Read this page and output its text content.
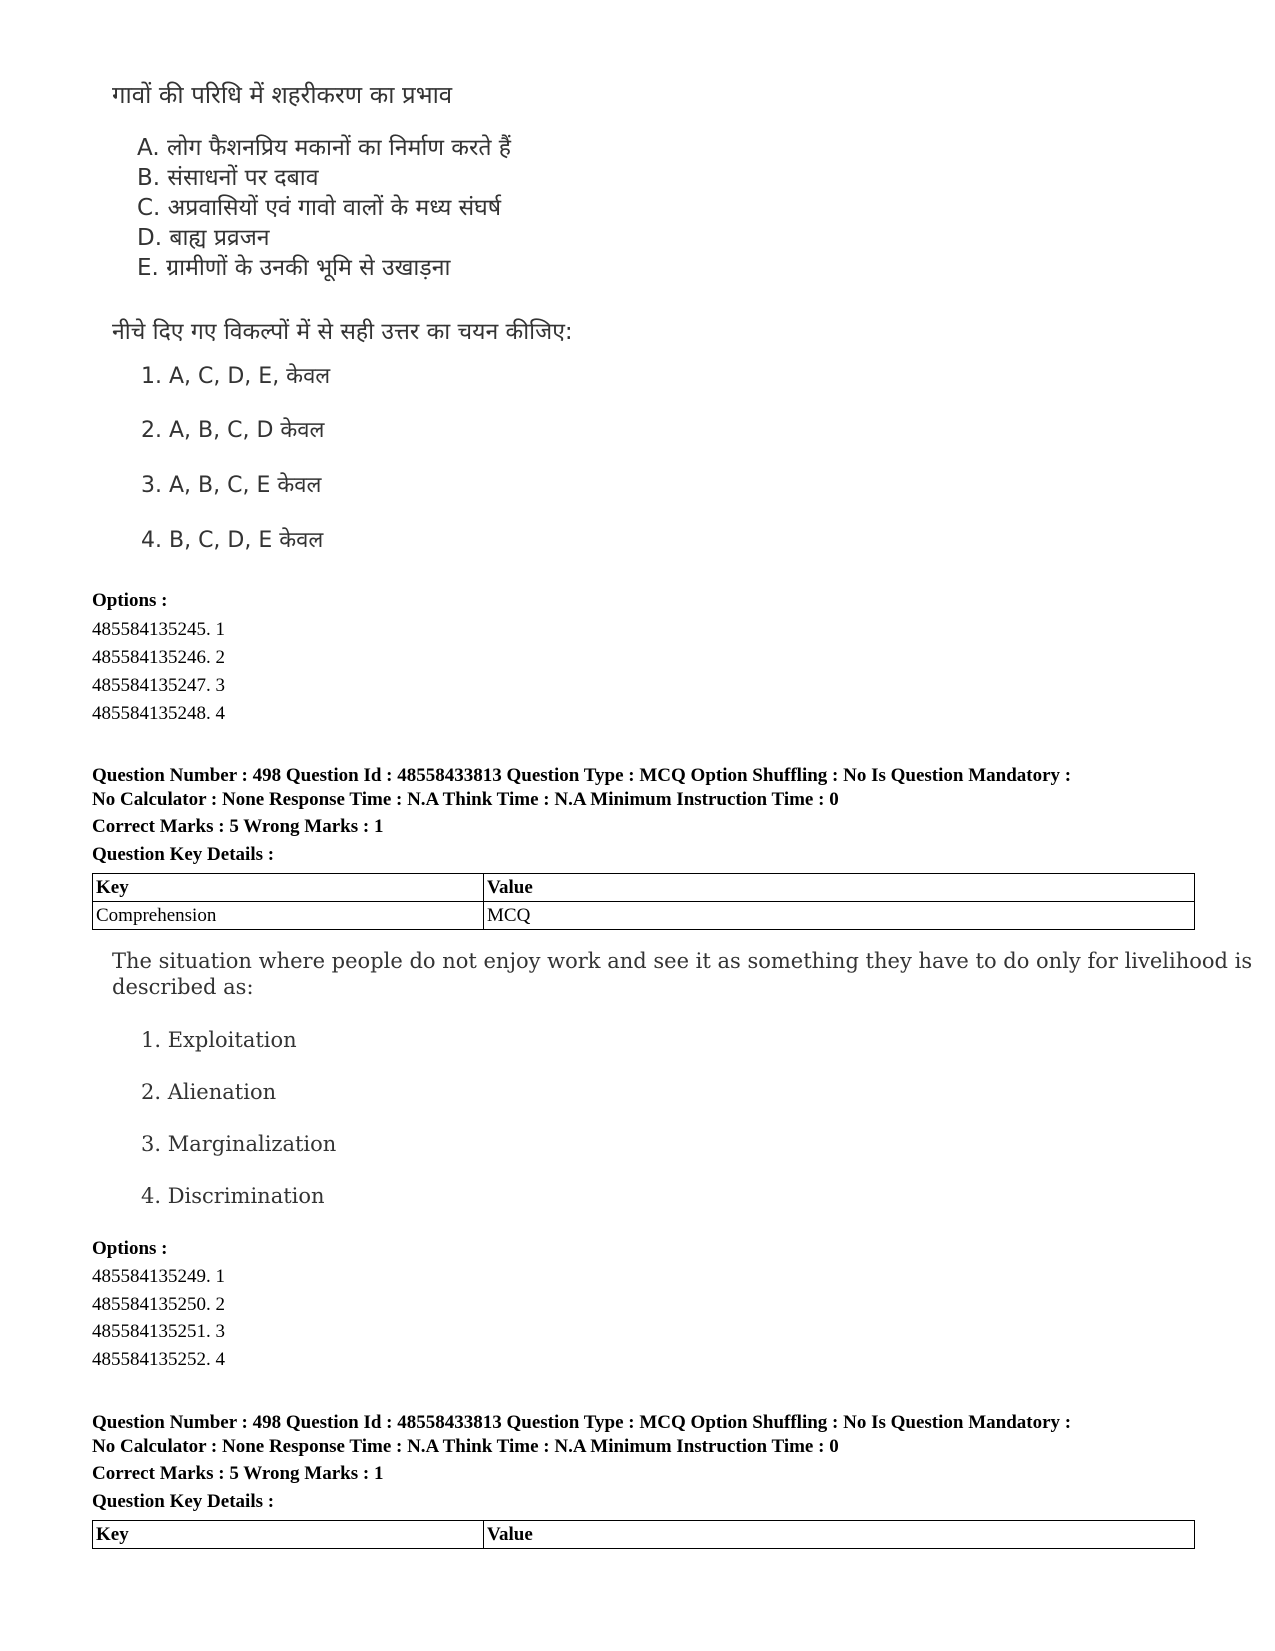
गावों की परिधि में शहरीकरण का प्रभाव
A. लोग फैशनप्रिय मकानों का निर्माण करते हैं
B. संसाधनों पर दबाव
C. अप्रवासियों एवं गावो वालों के मध्य संघर्ष
D. बाह्य प्रव्रजन
E. ग्रामीणों के उनकी भूमि से उखाड़ना
नीचे दिए गए विकल्पों में से सही उत्तर का चयन कीजिए:
1. A, C, D, E, केवल
2. A, B, C, D केवल
3. A, B, C, E केवल
4. B, C, D, E केवल
Options :
485584135245. 1
485584135246. 2
485584135247. 3
485584135248. 4
Question Number : 498 Question Id : 48558433813 Question Type : MCQ Option Shuffling : No Is Question Mandatory :
No Calculator : None Response Time : N.A Think Time : N.A Minimum Instruction Time : 0
Correct Marks : 5 Wrong Marks : 1
Question Key Details :
Key	Value
Comprehension	MCQ
The situation where people do not enjoy work and see it as something they have to do only for livelihood is
described as:
1. Exploitation
2. Alienation
3. Marginalization
4. Discrimination
Options :
485584135249. 1
485584135250. 2
485584135251. 3
485584135252. 4
Question Number : 498 Question Id : 48558433813 Question Type : MCQ Option Shuffling : No Is Question Mandatory :
No Calculator : None Response Time : N.A Think Time : N.A Minimum Instruction Time : 0
Correct Marks : 5 Wrong Marks : 1
Question Key Details :
Key	Value
